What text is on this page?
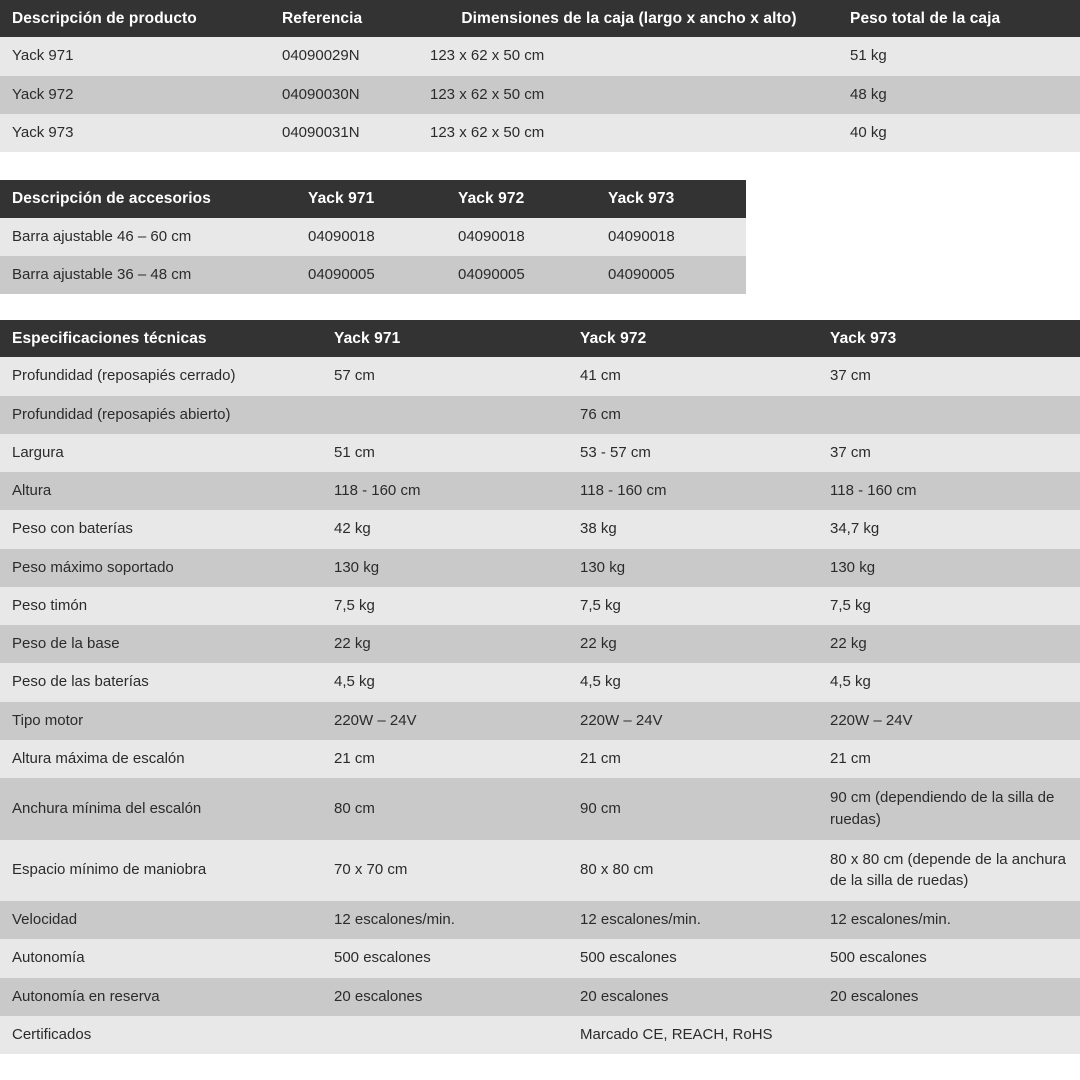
Descripción de producto	Referencia	Dimensiones de la caja (largo x ancho x alto)	Peso total de la caja
Yack 971	04090029N	123 x 62 x 50 cm	51 kg
Yack 972	04090030N	123 x 62 x 50 cm	48 kg
Yack 973	04090031N	123 x 62 x 50 cm	40 kg
Descripción de accesorios	Yack 971	Yack 972	Yack 973
Barra ajustable 46 – 60 cm	04090018	04090018	04090018
Barra ajustable 36 – 48 cm	04090005	04090005	04090005
Especificaciones técnicas	Yack 971	Yack 972	Yack 973
Profundidad (reposapiés cerrado)	57 cm	41 cm	37 cm
Profundidad (reposapiés abierto)		76 cm	
Largura	51 cm	53 - 57 cm	37 cm
Altura	118 - 160 cm	118 - 160 cm	118 - 160 cm
Peso con baterías	42 kg	38 kg	34,7 kg
Peso máximo soportado	130 kg	130 kg	130 kg
Peso timón	7,5 kg	7,5 kg	7,5 kg
Peso de la base	22 kg	22 kg	22 kg
Peso de las baterías	4,5 kg	4,5 kg	4,5 kg
Tipo motor	220W – 24V	220W – 24V	220W – 24V
Altura máxima de escalón	21 cm	21 cm	21 cm
Anchura mínima del escalón	80 cm	90 cm	90 cm (dependiendo de la silla de ruedas)
Espacio mínimo de maniobra	70 x 70 cm	80 x 80 cm	80 x 80 cm (depende de la anchura de la silla de ruedas)
Velocidad	12 escalones/min.	12 escalones/min.	12 escalones/min.
Autonomía	500 escalones	500 escalones	500 escalones
Autonomía en reserva	20 escalones	20 escalones	20 escalones
Certificados		Marcado CE, REACH, RoHS	
